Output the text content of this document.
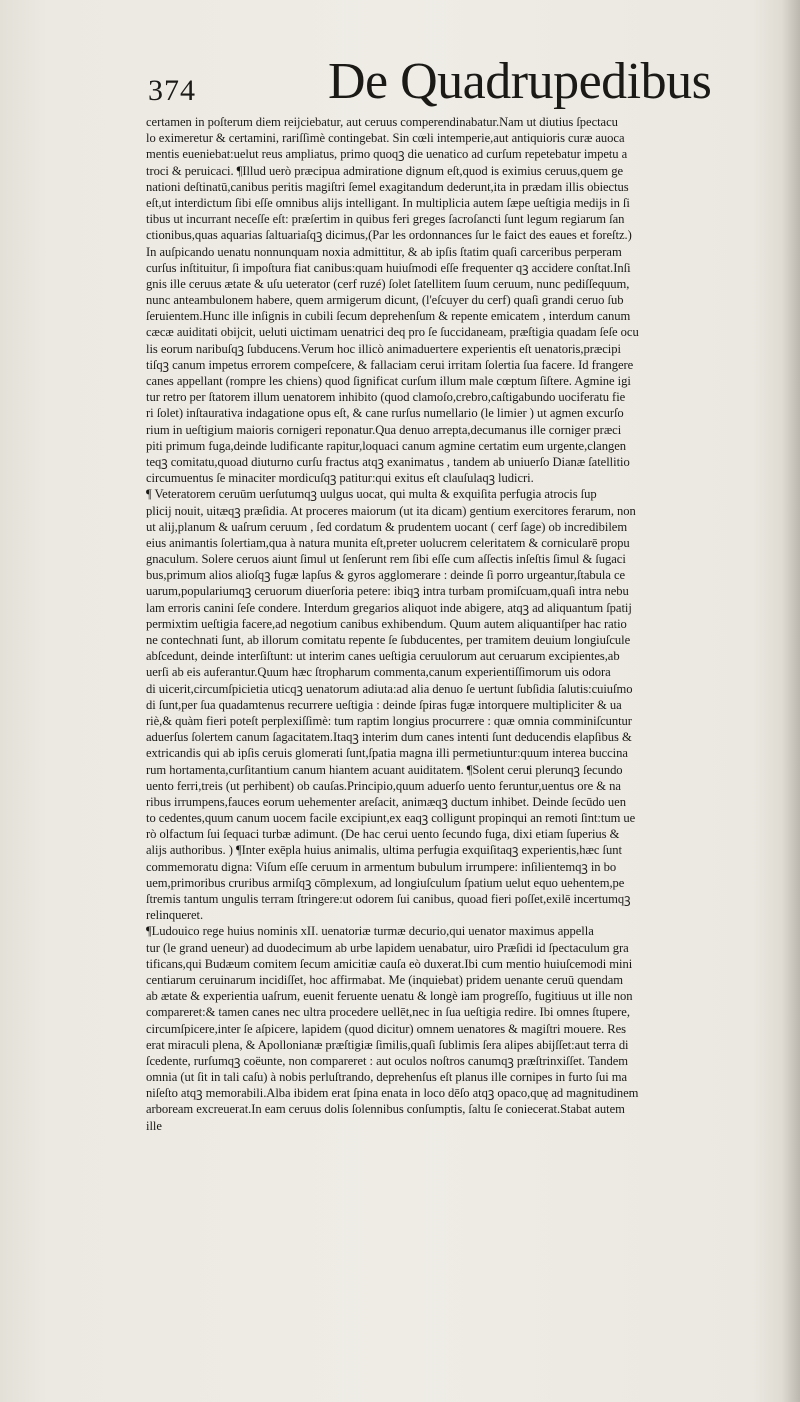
374	De Quadrupedibus
certamen in poſterum diem reijciebatur, aut ceruus comperendinabatur.Nam ut diutius ſpectacu
lo eximeretur & certamini, rariſſimè contingebat. Sin cœli intemperie,aut antiquioris curæ auoca
mentis eueniebat:uelut reus ampliatus, primo quoqꝫ die uenatico ad curſum repetebatur impetu a
troci & peruicaci. ¶Illud uerò præcipua admiratione dignum eſt,quod is eximius ceruus,quem ge
nationi deſtinatū,canibus peritis magiſtri ſemel exagitandum dederunt,ita in prædam illis obiectus
eſt,ut interdictum ſibi eſſe omnibus alijs intelligant. In multiplicia autem ſæpe ueſtigia medijs in ſi
tibus ut incurrant neceſſe eſt: præſertim in quibus feri greges ſacroſancti ſunt legum regiarum ſan
ctionibus,quas aquarias ſaltuariaſqꝫ dicimus,(Par les ordonnances ſur le faict des eaues et foreſtz.)
In auſpicando uenatu nonnunquam noxia admittitur, & ab ipſis ſtatim quaſi carceribus perperam
curſus inſtituitur, ſi impoſtura fiat canibus:quam huiuſmodi eſſe frequenter qꝫ accidere conſtat.Inſi
gnis ille ceruus ætate & uſu ueterator (cerf ruzé) ſolet ſatellitem ſuum ceruum, nunc pediſſequum,
nunc anteambulonem habere, quem armigerum dicunt, (l'eſcuyer du cerf) quaſi grandi ceruo ſub
ſeruientem.Hunc ille inſignis in cubili ſecum deprehenſum & repente emicatem , interdum canum
cæcæ auiditati obijcit, ueluti uictimam uenatrici deq pro ſe ſuccidaneam, præſtigia quadam ſeſe ocu
lis eorum naribuſqꝫ ſubducens.Verum hoc illicò animaduertere experientis eſt uenatoris,præcipi
tiſqꝫ canum impetus errorem compeſcere, & fallaciam cerui irritam ſolertia ſua facere. Id frangere
canes appellant (rompre les chiens) quod ſignificat curſum illum male cœptum ſiſtere. Agmine igi
tur retro per ſtatorem illum uenatorem inhibito (quod clamoſo,crebro,caſtigabundo uociferatu fie
ri ſolet) inſtaurativa indagatione opus eſt, & cane rurſus numellario (le limier ) ut agmen excurſo
rium in ueſtigium maioris cornigeri reponatur.Qua denuo arrepta,decumanus ille corniger præci
piti primum fuga,deinde ludificante rapitur,loquaci canum agmine certatim eum urgente,clangen
teqꝫ comitatu,quoad diuturno curſu fractus atqꝫ exanimatus , tandem ab uniuerſo Dianæ ſatellitio
circumuentus ſe minaciter mordicuſqꝫ patitur:qui exitus eſt clauſulaqꝫ ludicri.
¶ Veteratorem ceruūm uerſutumqꝫ uulgus uocat, qui multa & exquiſita perfugia atrocis ſup
plicij nouit, uitæqꝫ præſidia. At proceres maiorum (ut ita dicam) gentium exercitores ferarum, non
ut alij,planum & uaſrum ceruum , ſed cordatum & prudentem uocant ( cerf ſage) ob incredibilem
eius animantis ſolertiam,qua à natura munita eſt,prҽter uolucrem celeritatem & cornicularē propu
gnaculum. Solere ceruos aiunt ſimul ut ſenſerunt rem ſibi eſſe cum aſſectis inſeſtis ſimul & ſugaci
bus,primum alios alioſqꝫ fugæ lapſus & gyros agglomerare : deinde ſi porro urgeantur,ſtabula ce
uarum,populariumqꝫ ceruorum diuerſoria petere: ibiqꝫ intra turbam promiſcuam,quaſi intra nebu
lam erroris canini ſeſe condere. Interdum gregarios aliquot inde abigere, atqꝫ ad aliquantum ſpatij
permixtim ueſtigia facere,ad negotium canibus exhibendum. Quum autem aliquantiſper hac ratio
ne contechnati ſunt, ab illorum comitatu repente ſe ſubducentes, per tramitem deuium longiuſcule
abſcedunt, deinde interſiſtunt: ut interim canes ueſtigia ceruulorum aut ceruarum excipientes,ab
uerſi ab eis auferantur.Quum hæc ſtropharum commenta,canum experientiſſimorum uis odora
di uicerit,circumſpicietia uticqꝫ uenatorum adiuta:ad alia denuo ſe uertunt ſubſidia ſalutis:cuiuſmo
di ſunt,per ſua quadamtenus recurrere ueſtigia : deinde ſpiras fugæ intorquere multipliciter & ua
riè,& quàm fieri poteſt perplexiſſimè: tum raptim longius procurrere : quæ omnia comminiſcuntur
aduerſus ſolertem canum ſagacitatem.Itaqꝫ interim dum canes intenti ſunt deducendis elapſibus &
extricandis qui ab ipſis ceruis glomerati ſunt,ſpatia magna illi permetiuntur:quum interea buccina
rum hortamenta,curſitantium canum hiantem acuant auiditatem. ¶Solent cerui plerunqꝫ ſecundo
uento ferri,treis (ut perhibent) ob cauſas.Principio,quum aduerſo uento feruntur,uentus ore & na
ribus irrumpens,fauces eorum uehementer areſacit, animæqꝫ ductum inhibet. Deinde ſecūdo uen
to cedentes,quum canum uocem facile excipiunt,ex eaqꝫ colligunt propinqui an remoti ſint:tum ue
rò olfactum ſui ſequaci turbæ adimunt. (De hac cerui uento ſecundo fuga, dixi etiam ſuperius &
alijs authoribus. ) ¶Inter exēpla huius animalis, ultima perfugia exquiſitaqꝫ experientis,hæc ſunt
commemoratu digna: Viſum eſſe ceruum in armentum bubulum irrumpere: inſilientemqꝫ in bo
uem,primoribus cruribus armiſqꝫ cōmplexum, ad longiuſculum ſpatium uelut equo uehentem,pe
ſtremis tantum ungulis terram ſtringere:ut odorem ſui canibus, quoad fieri poſſet,exilē incertumqꝫ
relinqueret.
¶Ludouico rege huius nominis xII. uenatoriæ turmæ decurio,qui uenator maximus appella
tur (le grand ueneur) ad duodecimum ab urbe lapidem uenabatur, uiro Præſidi id ſpectaculum gra
tificans,qui Budæum comitem ſecum amicitiæ cauſa eò duxerat.Ibi cum mentio huiuſcemodi mini
centiarum ceruinarum incidiſſet, hoc affirmabat. Me (inquiebat) pridem uenante ceruū quendam
ab ætate & experientia uaſrum, euenit feruente uenatu & longè iam progreſſo, fugitiuus ut ille non
compareret:& tamen canes nec ultra procedere uellēt,nec in ſua ueſtigia redire. Ibi omnes ſtupere,
circumſpicere,inter ſe aſpicere, lapidem (quod dicitur) omnem uenatores & magiſtri mouere. Res
erat miraculi plena, & Apollonianæ præſtigiæ ſimilis,quaſi ſublimis ſera alipes abijſſet:aut terra di
ſcedente, rurſumqꝫ coëunte, non compareret : aut oculos noſtros canumqꝫ præſtrinxiſſet. Tandem
omnia (ut ſit in tali caſu) à nobis perluſtrando, deprehenſus eſt planus ille cornipes in furto ſui ma
niſeſto atqꝫ memorabili.Alba ibidem erat ſpina enata in loco dēſo atqꝫ opaco,quę ad magnitudinem
arboream excreuerat.In eam ceruus dolis ſolennibus conſumptis, ſaltu ſe coniecerat.Stabat autem
ille
